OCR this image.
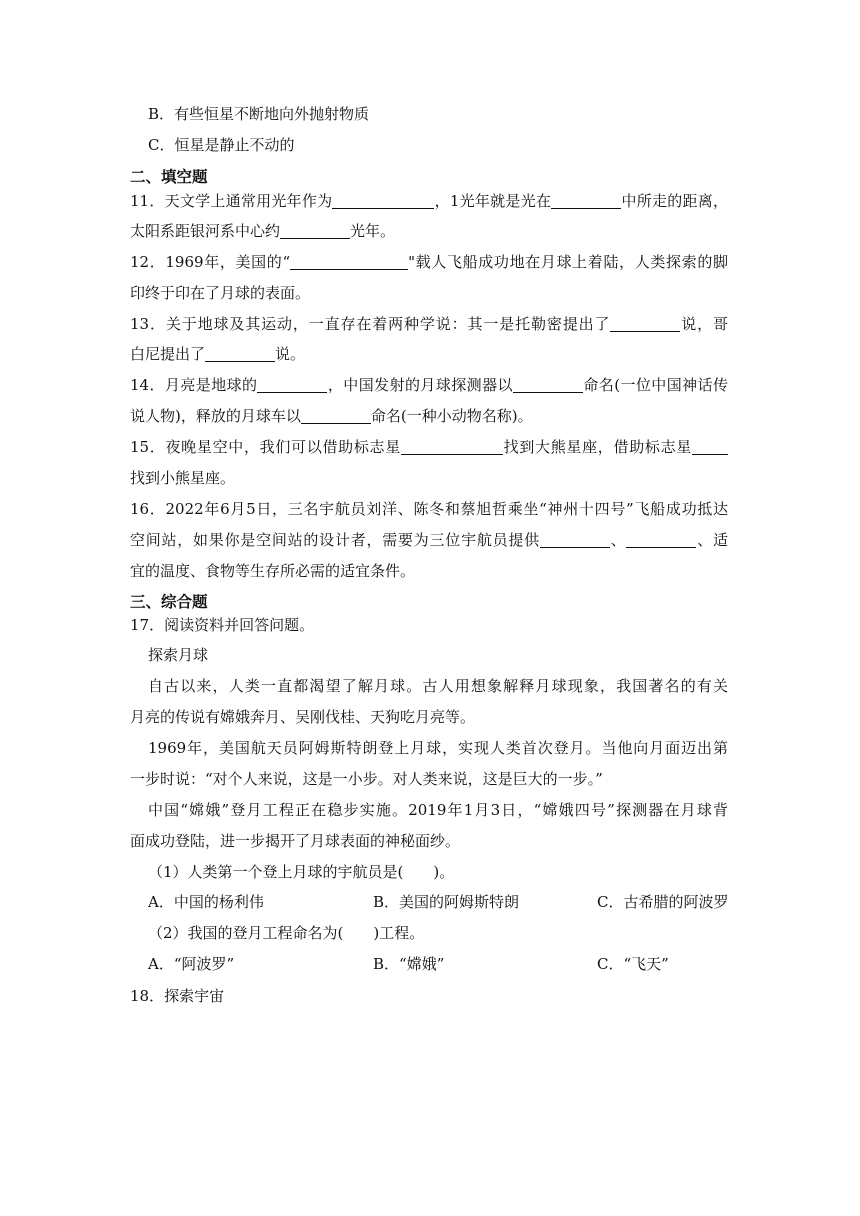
B．有些恒星不断地向外抛射物质
C．恒星是静止不动的
二、填空题
11．天文学上通常用光年作为	，1光年就是光在	中所走的距离，
太阳系距银河系中心约	光年。
12．1969年，美国的“	"载人飞船成功地在月球上着陆，人类探索的脚
印终于印在了月球的表面。
13．关于地球及其运动，一直存在着两种学说：其一是托勒密提出了	说，哥
白尼提出了	说。
14．月亮是地球的	，中国发射的月球探测器以	命名(一位中国神话传
说人物)，释放的月球车以	命名(一种小动物名称)。
15．夜晚星空中，我们可以借助标志星	找到大熊星座，借助标志星
找到小熊星座。
16．2022年6月5日，三名宇航员刘洋、陈冬和蔡旭哲乘坐“神州十四号”飞船成功抵达
空间站，如果你是空间站的设计者，需要为三位宇航员提供	、	、适
宜的温度、食物等生存所必需的适宜条件。
三、综合题
17．阅读资料并回答问题。
探索月球
自古以来，人类一直都渴望了解月球。古人用想象解释月球现象，我国著名的有关
月亮的传说有嫦娥奔月、吴刚伐桂、天狗吃月亮等。
1969年，美国航天员阿姆斯特朗登上月球，实现人类首次登月。当他向月面迈出第
一步时说：“对个人来说，这是一小步。对人类来说，这是巨大的一步。”
中国“嫦娥”登月工程正在稳步实施。2019年1月3日，“嫦娥四号”探测器在月球背
面成功登陆，进一步揭开了月球表面的神秘面纱。
（1）人类第一个登上月球的宇航员是(　　)。
A．中国的杨利伟	B．美国的阿姆斯特朗	C．古希腊的阿波罗
（2）我国的登月工程命名为(　　)工程。
A．“阿波罗”	B．“嫦娥”	C．“飞天”
18．探索宇宙
